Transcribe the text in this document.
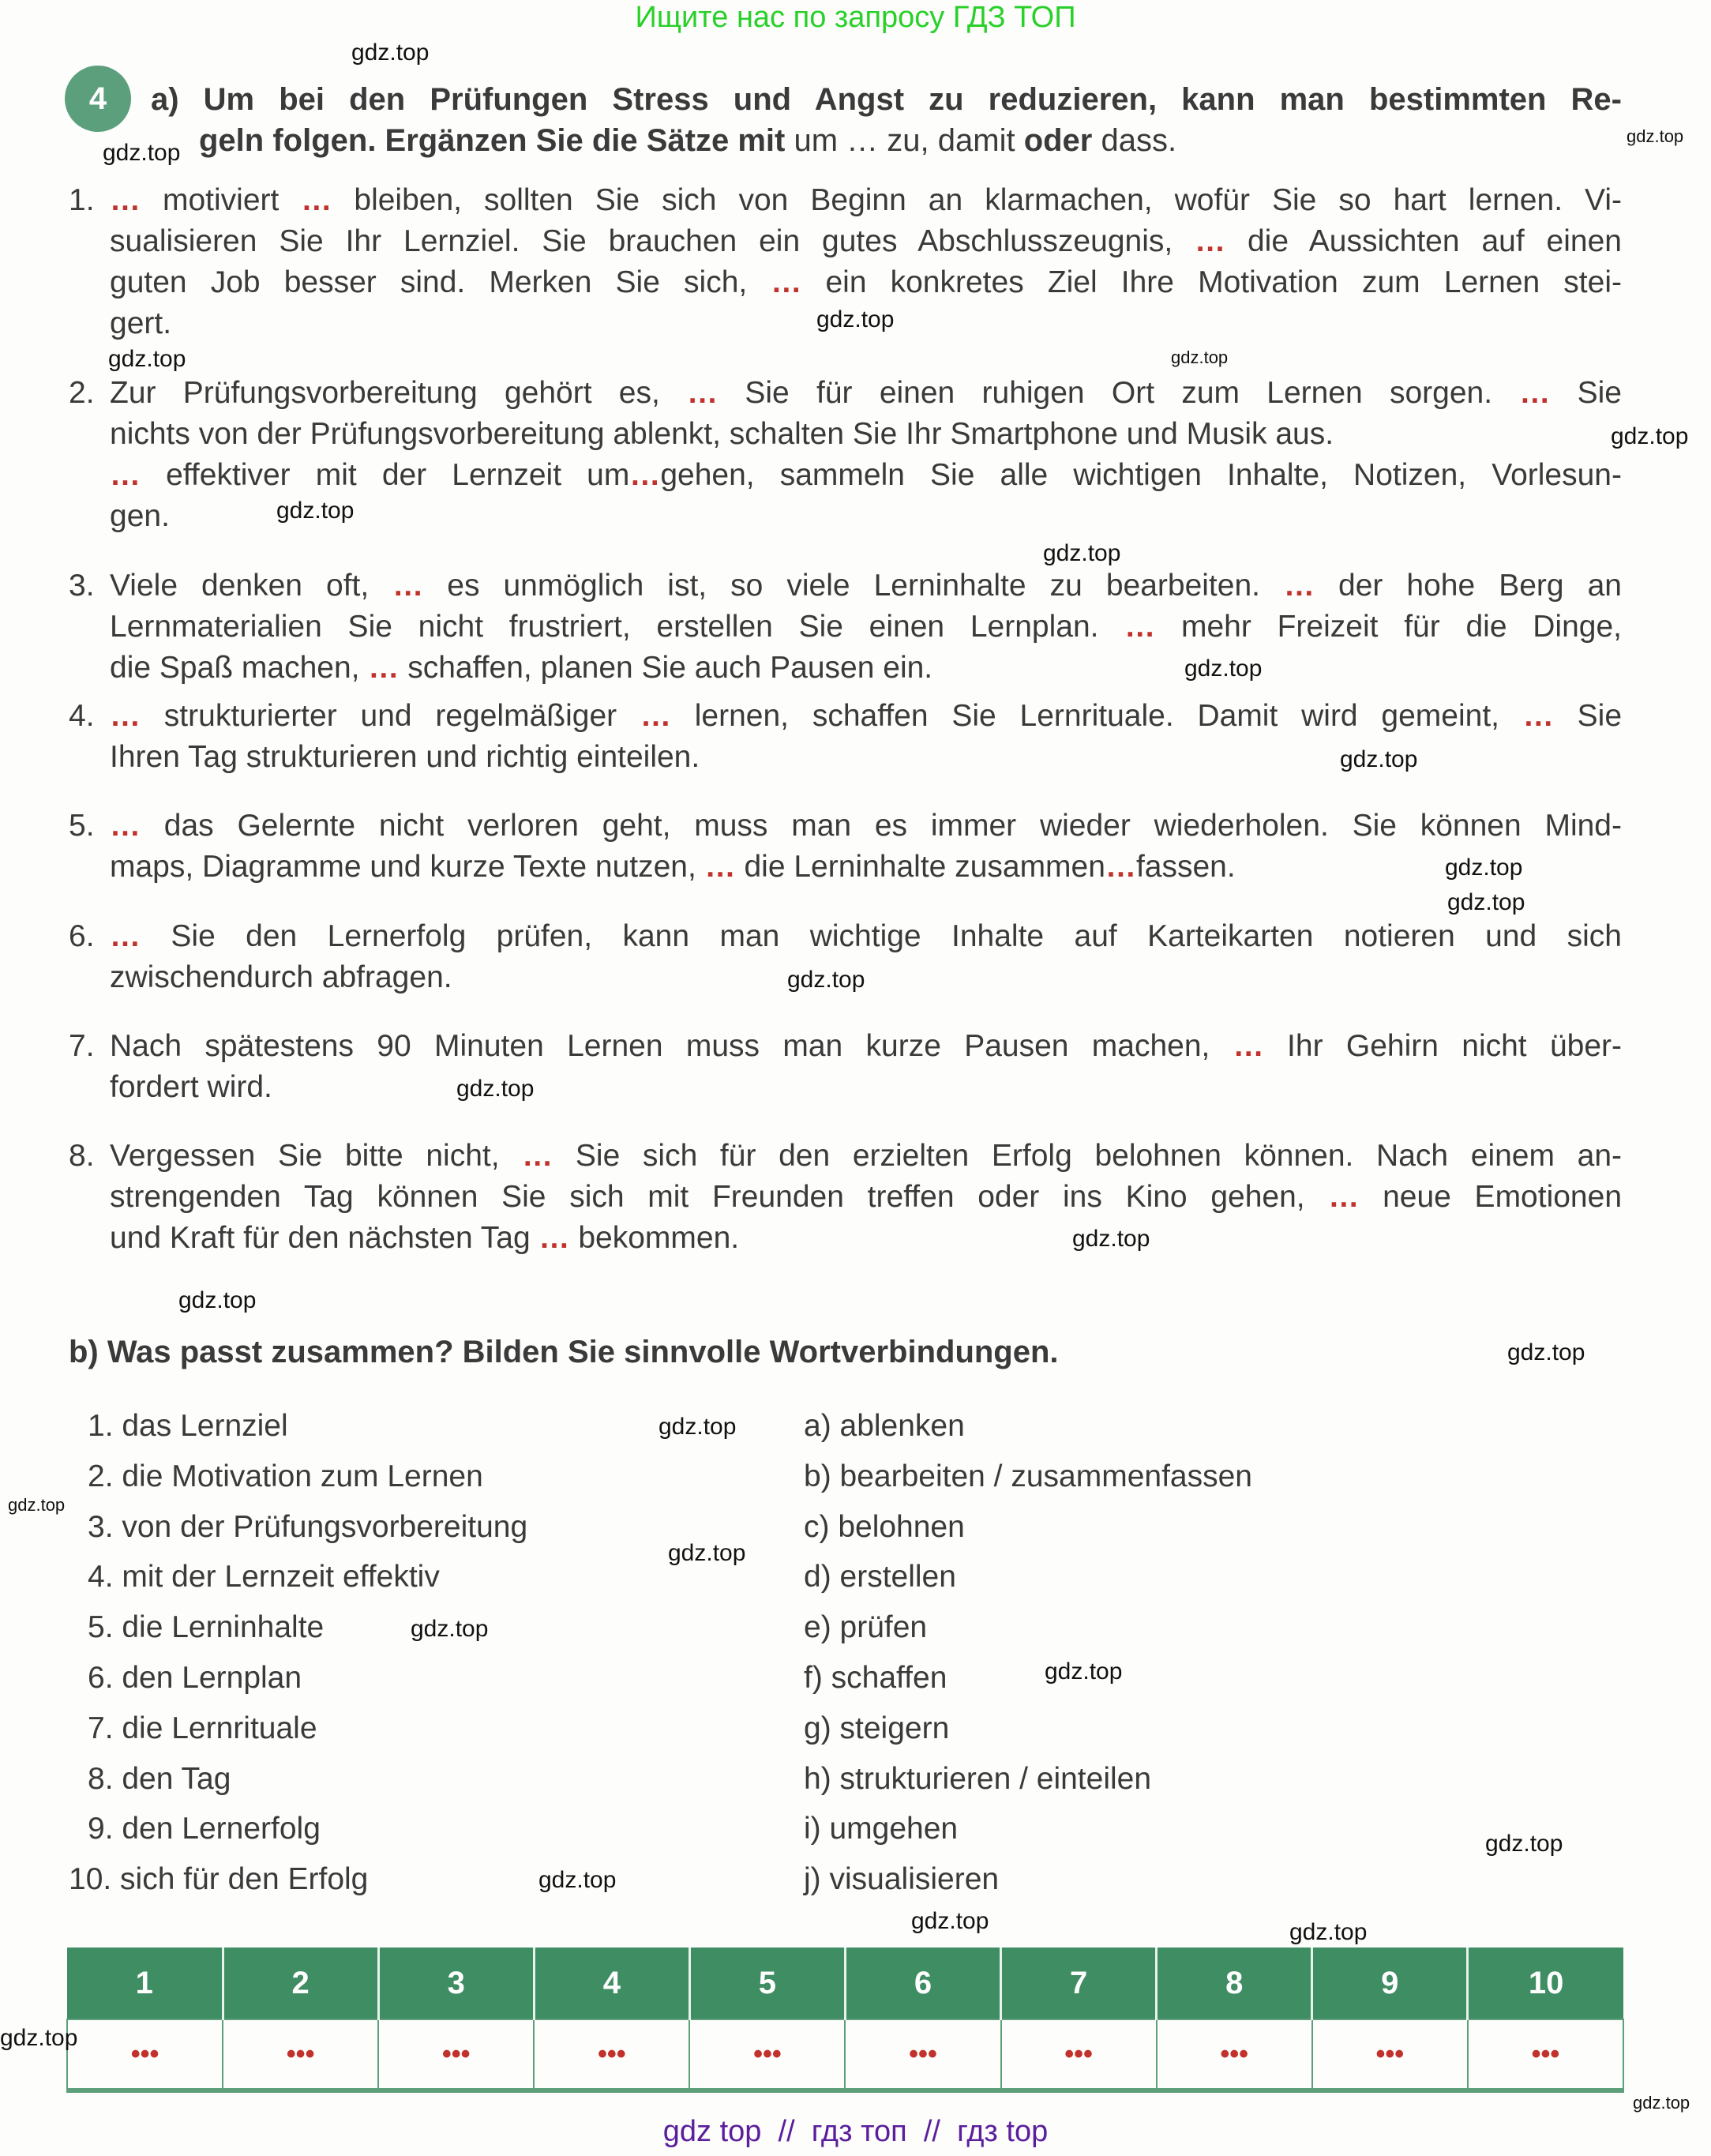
Ищите нас по запросу ГДЗ ТОП
4	a) Um bei den Prüfungen Stress und Angst zu reduzieren, kann man bestimmten Re-
geln folgen. Ergänzen Sie die Sätze mit um … zu, damit oder dass.
1. … motiviert … bleiben, sollten Sie sich von Beginn an klarmachen, wofür Sie so hart lernen. Vi-
sualisieren Sie Ihr Lernziel. Sie brauchen ein gutes Abschlusszeugnis, … die Aussichten auf einen
guten Job besser sind. Merken Sie sich, … ein konkretes Ziel Ihre Motivation zum Lernen stei-
gert.
2. Zur Prüfungsvorbereitung gehört es, … Sie für einen ruhigen Ort zum Lernen sorgen. … Sie
nichts von der Prüfungsvorbereitung ablenkt, schalten Sie Ihr Smartphone und Musik aus.
… effektiver mit der Lernzeit um…gehen, sammeln Sie alle wichtigen Inhalte, Notizen, Vorlesun-
gen.
3. Viele denken oft, … es unmöglich ist, so viele Lerninhalte zu bearbeiten. … der hohe Berg an
Lernmaterialien Sie nicht frustriert, erstellen Sie einen Lernplan. … mehr Freizeit für die Dinge,
die Spaß machen, … schaffen, planen Sie auch Pausen ein.
4. … strukturierter und regelmäßiger … lernen, schaffen Sie Lernrituale. Damit wird gemeint, … Sie
Ihren Tag strukturieren und richtig einteilen.
5. … das Gelernte nicht verloren geht, muss man es immer wieder wiederholen. Sie können Mind-
maps, Diagramme und kurze Texte nutzen, … die Lerninhalte zusammen…fassen.
6. … Sie den Lernerfolg prüfen, kann man wichtige Inhalte auf Karteikarten notieren und sich
zwischendurch abfragen.
7. Nach spätestens 90 Minuten Lernen muss man kurze Pausen machen, … Ihr Gehirn nicht über-
fordert wird.
8. Vergessen Sie bitte nicht, … Sie sich für den erzielten Erfolg belohnen können. Nach einem an-
strengenden Tag können Sie sich mit Freunden treffen oder ins Kino gehen, … neue Emotionen
und Kraft für den nächsten Tag … bekommen.
b) Was passt zusammen? Bilden Sie sinnvolle Wortverbindungen.
1. das Lernziel	a) ablenken
2. die Motivation zum Lernen	b) bearbeiten / zusammenfassen
3. von der Prüfungsvorbereitung	c) belohnen
4. mit der Lernzeit effektiv	d) erstellen
5. die Lerninhalte	e) prüfen
6. den Lernplan	f) schaffen
7. die Lernrituale	g) steigern
8. den Tag	h) strukturieren / einteilen
9. den Lernerfolg	i) umgehen
10. sich für den Erfolg	j) visualisieren
1	2	3	4	5	6	7	8	9	10
•••	•••	•••	•••	•••	•••	•••	•••	•••	•••
gdz.top
gdz.top
gdz.top
gdz.top
gdz.top
gdz.top
gdz.top
gdz.top
gdz.top
gdz.top
gdz.top
gdz.top
gdz.top
gdz.top
gdz.top
gdz.top
gdz.top
gdz.top
gdz.top
gdz.top
gdz.top
gdz.top
gdz.top
gdz.top
gdz.top
gdz.top	gdz.top
gdz.top
gdz.top
gdz top  //  гдз топ  //  гдз top
